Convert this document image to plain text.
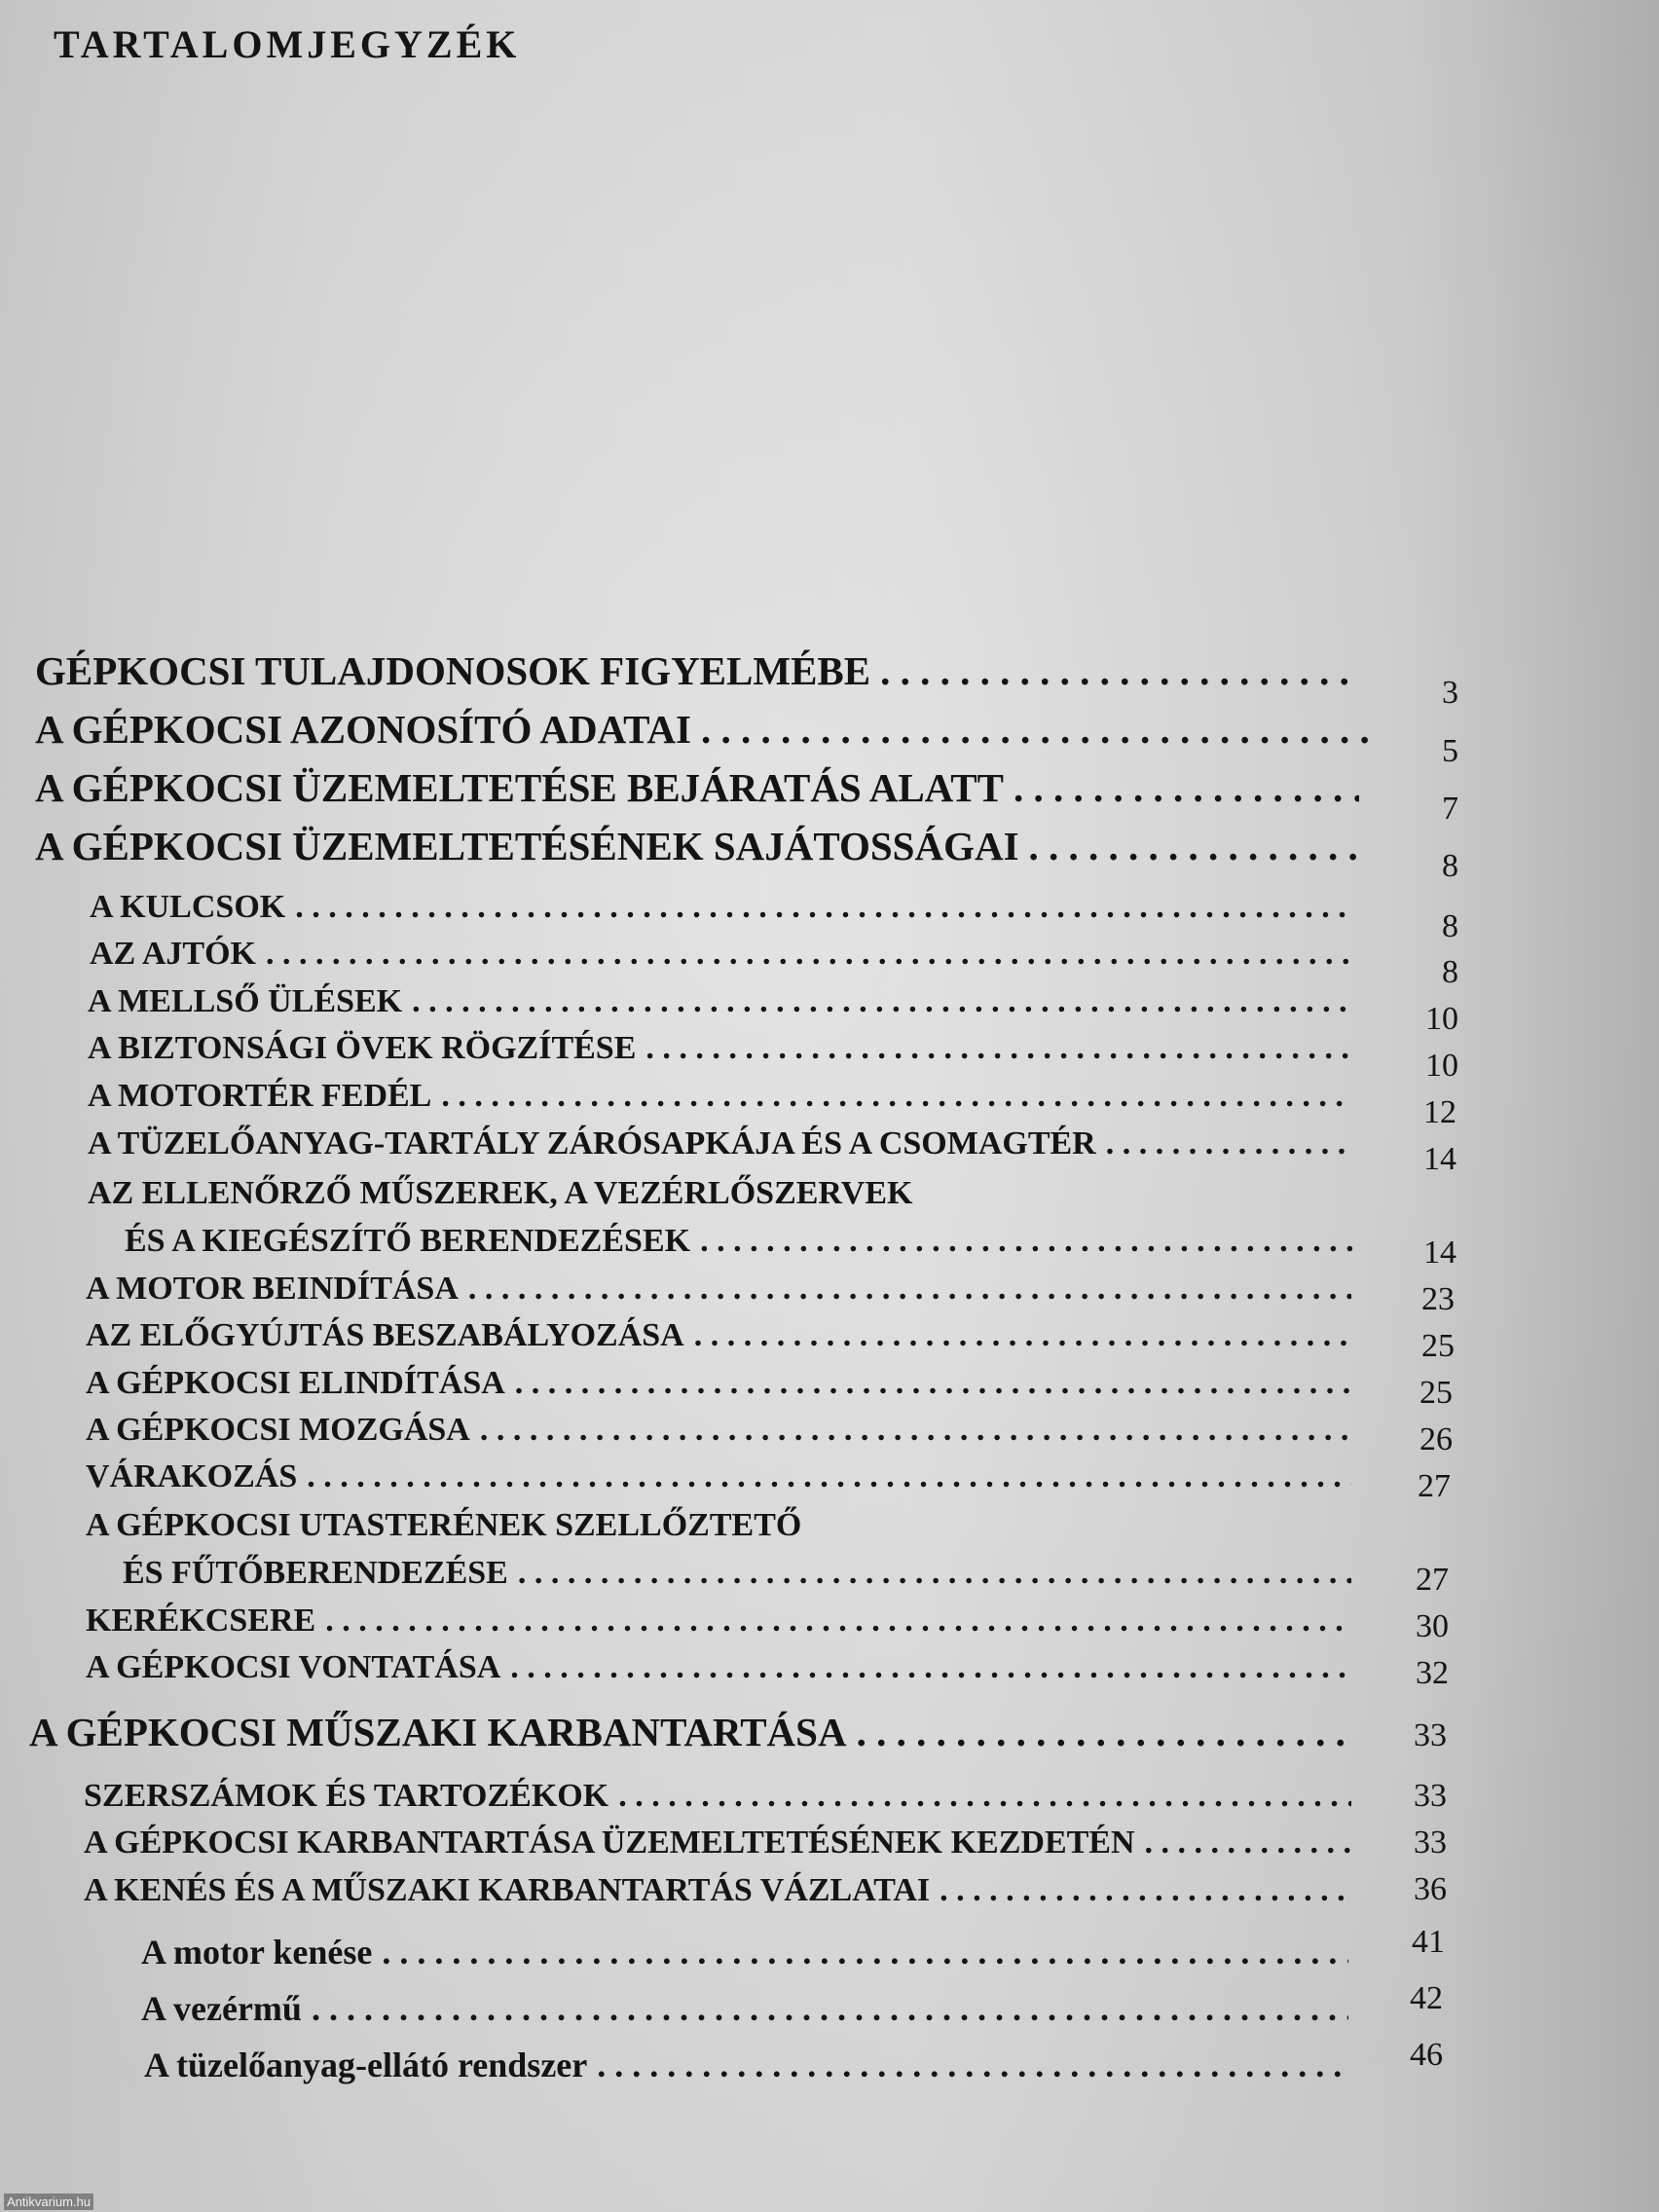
TARTALOMJEGYZÉK
GÉPKOCSI TULAJDONOSOK FIGYELMÉBE
. . .
A GÉPKOCSI AZONOSÍTÓ ADATAI
. . .
A GÉPKOCSI ÜZEMELTETÉSE BEJÁRATÁS ALATT
. . .
A GÉPKOCSI ÜZEMELTETÉSÉNEK SAJÁTOSSÁGAI
. . .
A KULCSOK
. . .
AZ AJTÓK
. . .
A MELLSŐ ÜLÉSEK
. . .
A BIZTONSÁGI ÖVEK RÖGZÍTÉSE
. . .
A MOTORTÉR FEDÉL
. . .
A TÜZELŐANYAG-TARTÁLY ZÁRÓSAPKÁJA ÉS A CSOMAGTÉR
. . .
AZ ELLENŐRZŐ MŰSZEREK, A VEZÉRLŐSZERVEK
ÉS A KIEGÉSZÍTŐ BERENDEZÉSEK
. . .
A MOTOR BEINDÍTÁSA
. . .
AZ ELŐGYÚJTÁS BESZABÁLYOZÁSA
. . .
A GÉPKOCSI ELINDÍTÁSA
. . .
A GÉPKOCSI MOZGÁSA
. . .
VÁRAKOZÁS
. . .
A GÉPKOCSI UTASTERÉNEK SZELLŐZTETŐ
ÉS FŰTŐBERENDEZÉSE
. . .
KERÉKCSERE
. . .
A GÉPKOCSI VONTATÁSA
. . .
A GÉPKOCSI MŰSZAKI KARBANTARTÁSA
. . .
SZERSZÁMOK ÉS TARTOZÉKOK
. . .
A GÉPKOCSI KARBANTARTÁSA ÜZEMELTETÉSÉNEK KEZDETÉN
. . .
A KENÉS ÉS A MŰSZAKI KARBANTARTÁS VÁZLATAI
. . .
A motor kenése
. . .
A vezérmű
. . .
A tüzelőanyag-ellátó rendszer
. . .
3
5
7
8
8
8
10
10
12
14
14
23
25
25
26
27
27
30
32
33
33
33
36
41
42
46
Antikvarium.hu
